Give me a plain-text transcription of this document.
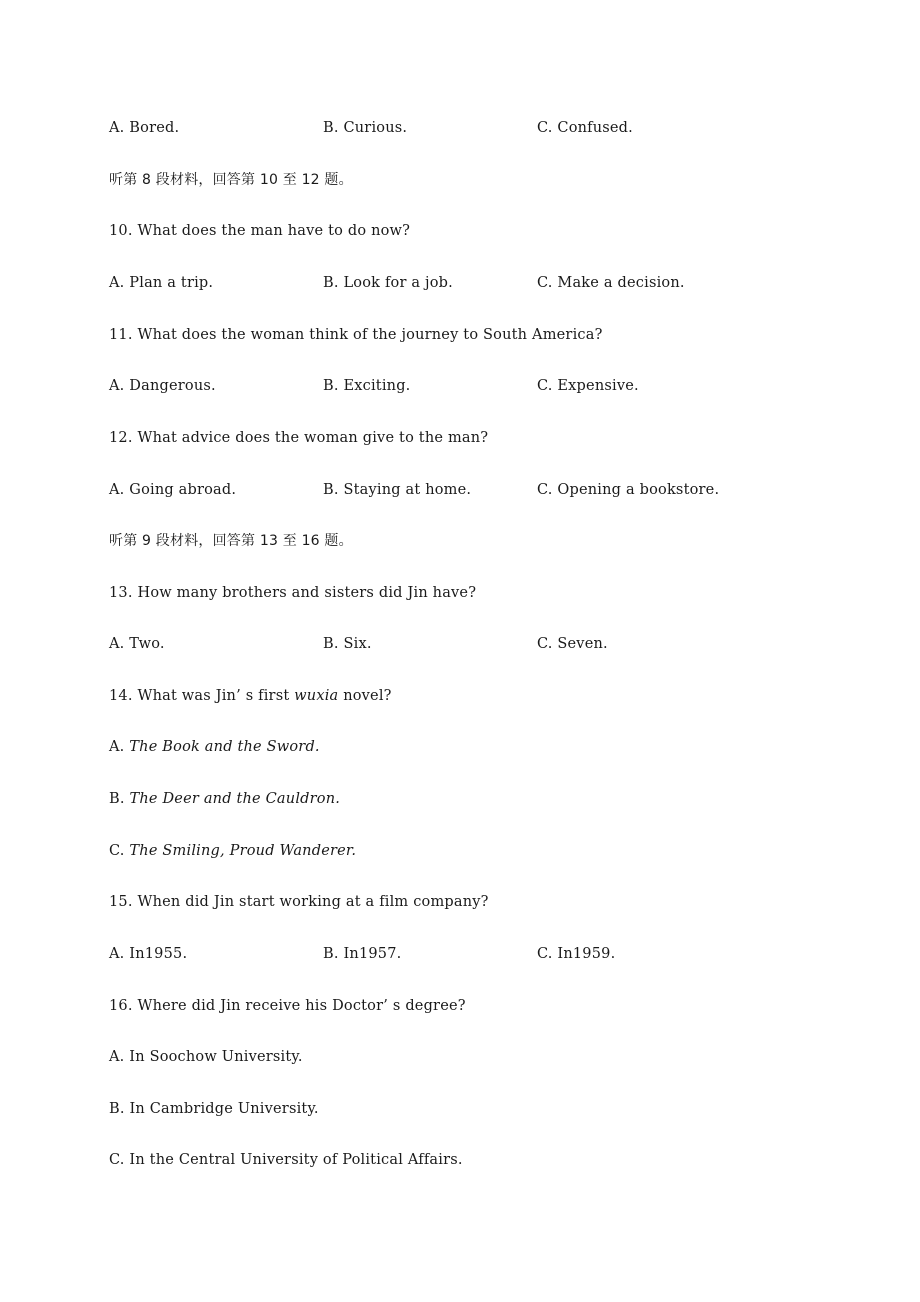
A. Bored.	B. Curious.	C. Confused.
听第 8 段材料，回答第 10 至 12 题。
10. What does the man have to do now?
A. Plan a trip.	B. Look for a job.	C. Make a decision.
11. What does the woman think of the journey to South America?
A. Dangerous.	B. Exciting.	C. Expensive.
12. What advice does the woman give to the man?
A. Going abroad.	B. Staying at home.	C. Opening a bookstore.
听第 9 段材料，回答第 13 至 16 题。
13. How many brothers and sisters did Jin have?
A. Two.	B. Six.	C. Seven.
14. What was Jin’ s first wuxia novel?
A. The Book and the Sword.
B. The Deer and the Cauldron.
C. The Smiling, Proud Wanderer.
15. When did Jin start working at a film company?
A. In1955.	B. In1957.	C. In1959.
16. Where did Jin receive his Doctor’ s degree?
A. In Soochow University.
B. In Cambridge University.
C. In the Central University of Political Affairs.
